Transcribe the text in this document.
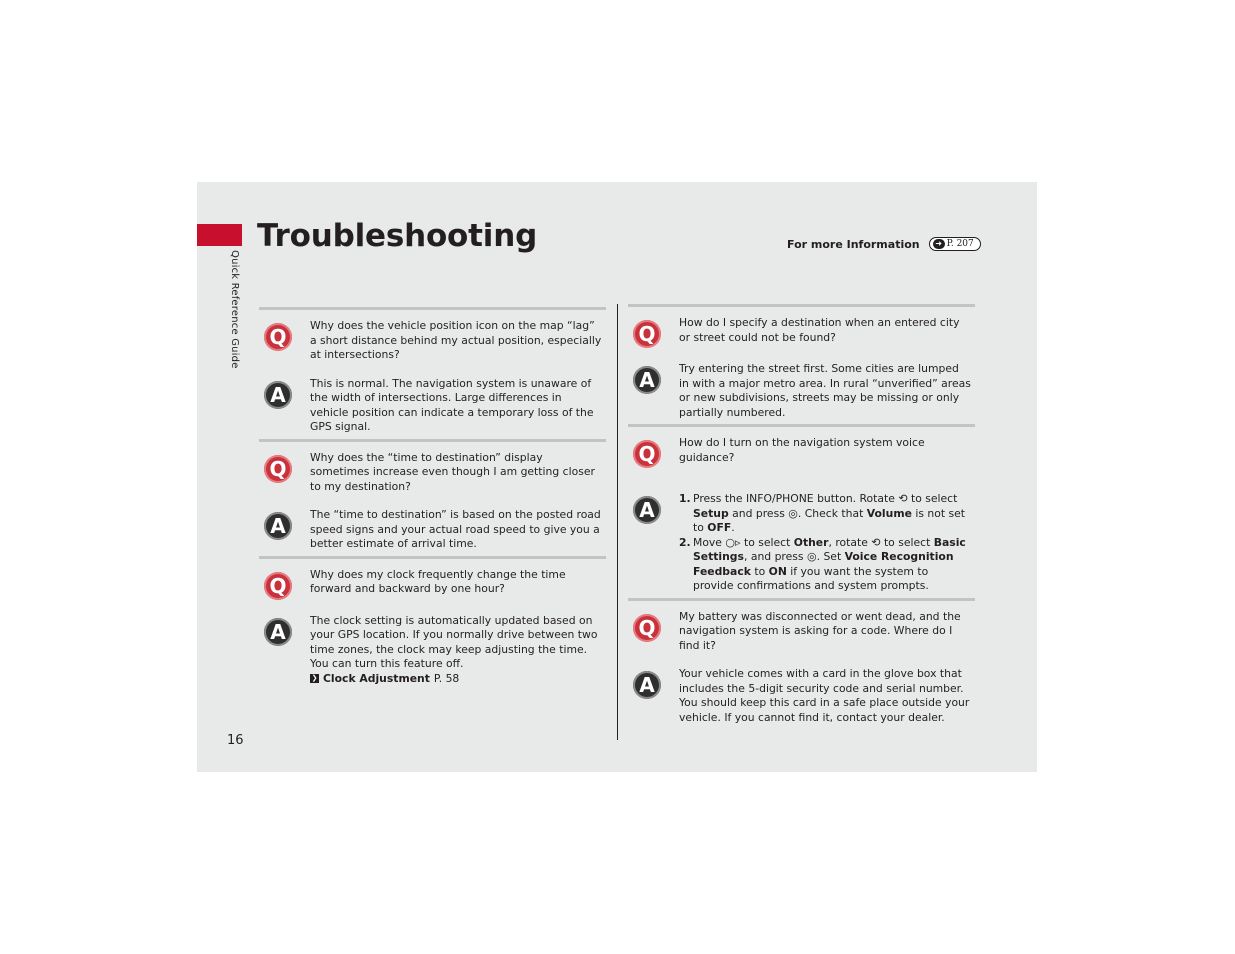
Quick Reference Guide
Troubleshooting	For more Information	➜ P. 207
Q	Why does the vehicle position icon on the map “lag” a short distance behind my actual position, especially at intersections?
A	This is normal. The navigation system is unaware of the width of intersections. Large differences in vehicle position can indicate a temporary loss of the GPS signal.
Q	Why does the “time to destination” display sometimes increase even though I am getting closer to my destination?
A	The “time to destination” is based on the posted road speed signs and your actual road speed to give you a better estimate of arrival time.
Q	Why does my clock frequently change the time forward and backward by one hour?
A	The clock setting is automatically updated based on your GPS location. If you normally drive between two time zones, the clock may keep adjusting the time. You can turn this feature off.
❯ Clock Adjustment P. 58
Q	How do I specify a destination when an entered city or street could not be found?
A	Try entering the street first. Some cities are lumped in with a major metro area. In rural “unverified” areas or new subdivisions, streets may be missing or only partially numbered.
Q	How do I turn on the navigation system voice guidance?
A	1. Press the INFO/PHONE button. Rotate ⟲ to select Setup and press ◎. Check that Volume is not set to OFF.
2. Move ○▹ to select Other, rotate ⟲ to select Basic Settings, and press ◎. Set Voice Recognition Feedback to ON if you want the system to provide confirmations and system prompts.
Q	My battery was disconnected or went dead, and the navigation system is asking for a code. Where do I find it?
A	Your vehicle comes with a card in the glove box that includes the 5-digit security code and serial number. You should keep this card in a safe place outside your vehicle. If you cannot find it, contact your dealer.
16
